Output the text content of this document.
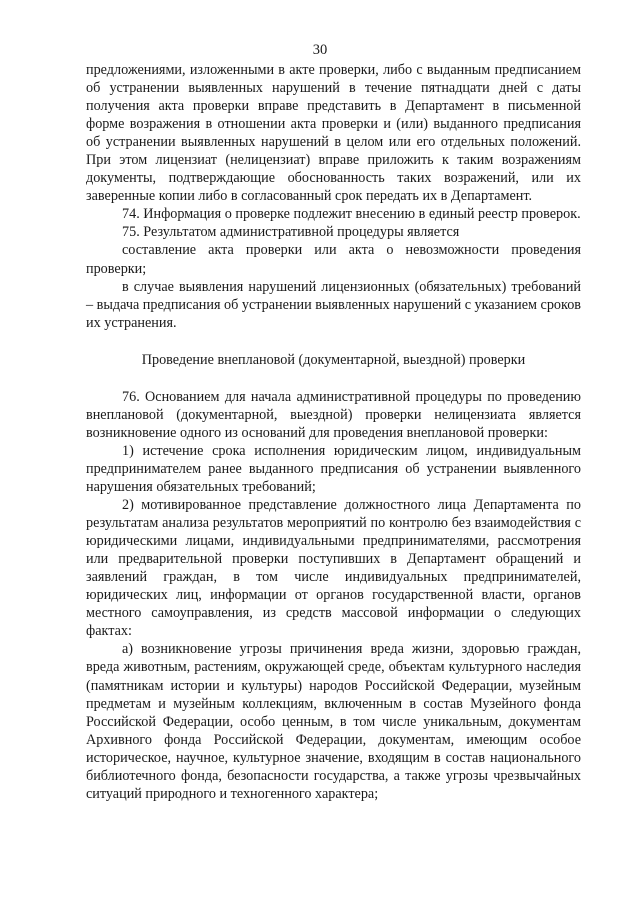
30

предложениями, изложенными в акте проверки, либо с выданным предписанием об устранении выявленных нарушений в течение пятнадцати дней с даты получения акта проверки вправе представить в Департамент в письменной форме возражения в отношении акта проверки и (или) выданного предписания об устранении выявленных нарушений в целом или его отдельных положений. При этом лицензиат (нелицензиат) вправе приложить к таким возражениям документы, подтверждающие обоснованность таких возражений, или их заверенные копии либо в согласованный срок передать их в Департамент.

74. Информация о проверке подлежит внесению в единый реестр проверок.

75. Результатом административной процедуры является

составление акта проверки или акта о невозможности проведения проверки;

в случае выявления нарушений лицензионных (обязательных) требований – выдача предписания об устранении выявленных нарушений с указанием сроков их устранения.

Проведение внеплановой (документарной, выездной) проверки

76. Основанием для начала административной процедуры по проведению внеплановой (документарной, выездной) проверки нелицензиата является возникновение одного из оснований для проведения внеплановой проверки:

1) истечение срока исполнения юридическим лицом, индивидуальным предпринимателем ранее выданного предписания об устранении выявленного нарушения обязательных требований;

2) мотивированное представление должностного лица Департамента по результатам анализа результатов мероприятий по контролю без взаимодействия с юридическими лицами, индивидуальными предпринимателями, рассмотрения или предварительной проверки поступивших в Департамент обращений и заявлений граждан, в том числе индивидуальных предпринимателей, юридических лиц, информации от органов государственной власти, органов местного самоуправления, из средств массовой информации о следующих фактах:

а) возникновение угрозы причинения вреда жизни, здоровью граждан, вреда животным, растениям, окружающей среде, объектам культурного наследия (памятникам истории и культуры) народов Российской Федерации, музейным предметам и музейным коллекциям, включенным в состав Музейного фонда Российской Федерации, особо ценным, в том числе уникальным, документам Архивного фонда Российской Федерации, документам, имеющим особое историческое, научное, культурное значение, входящим в состав национального библиотечного фонда, безопасности государства, а также угрозы чрезвычайных ситуаций природного и техногенного характера;
